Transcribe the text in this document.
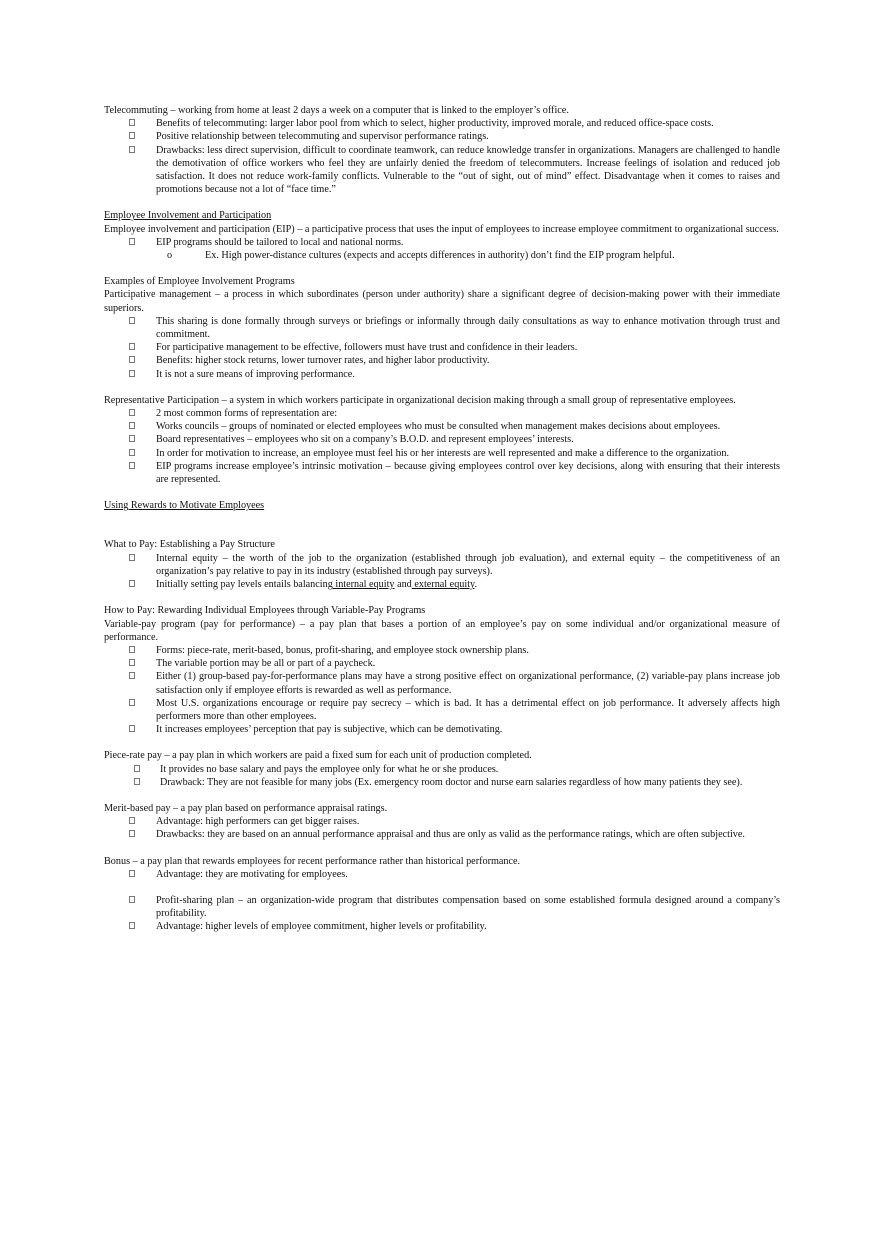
Telecommuting – working from home at least 2 days a week on a computer that is linked to the employer’s office.

Benefits of telecommuting: larger labor pool from which to select, higher productivity, improved morale, and reduced office-space costs.
Positive relationship between telecommuting and supervisor performance ratings.
Drawbacks: less direct supervision, difficult to coordinate teamwork, can reduce knowledge transfer in organizations. Managers are challenged to handle the demotivation of office workers who feel they are unfairly denied the freedom of telecommuters. Increase feelings of isolation and reduced job satisfaction. It does not reduce work-family conflicts. Vulnerable to the “out of sight, out of mind” effect. Disadvantage when it comes to raises and promotions because not a lot of “face time.”

Employee Involvement and Participation

Employee involvement and participation (EIP) – a participative process that uses the input of employees to increase employee commitment to organizational success.

EIP programs should be tailored to local and national norms.
o	Ex. High power-distance cultures (expects and accepts differences in authority) don’t find the EIP program helpful.

Examples of Employee Involvement Programs

Participative management – a process in which subordinates (person under authority) share a significant degree of decision-making power with their immediate superiors.

This sharing is done formally through surveys or briefings or informally through daily consultations as way to enhance motivation through trust and commitment.
For participative management to be effective, followers must have trust and confidence in their leaders.
Benefits: higher stock returns, lower turnover rates, and higher labor productivity.
It is not a sure means of improving performance.

Representative Participation – a system in which workers participate in organizational decision making through a small group of representative employees.

2 most common forms of representation are:
Works councils – groups of nominated or elected employees who must be consulted when management makes decisions about employees.
Board representatives – employees who sit on a company’s B.O.D. and represent employees’ interests.
In order for motivation to increase, an employee must feel his or her interests are well represented and make a difference to the organization.
EIP programs increase employee’s intrinsic motivation – because giving employees control over key decisions, along with ensuring that their interests are represented.

Using Rewards to Motivate Employees

What to Pay: Establishing a Pay Structure

Internal equity – the worth of the job to the organization (established through job evaluation), and external equity – the competitiveness of an organization’s pay relative to pay in its industry (established through pay surveys).
Initially setting pay levels entails balancing internal equity and external equity.

How to Pay: Rewarding Individual Employees through Variable-Pay Programs

Variable-pay program (pay for performance) – a pay plan that bases a portion of an employee’s pay on some individual and/or organizational measure of performance.

Forms: piece-rate, merit-based, bonus, profit-sharing, and employee stock ownership plans.
The variable portion may be all or part of a paycheck.
Either (1) group-based pay-for-performance plans may have a strong positive effect on organizational performance, (2) variable-pay plans increase job satisfaction only if employee efforts is rewarded as well as performance.
Most U.S. organizations encourage or require pay secrecy – which is bad. It has a detrimental effect on job performance. It adversely affects high performers more than other employees.
It increases employees’ perception that pay is subjective, which can be demotivating.

Piece-rate pay – a pay plan in which workers are paid a fixed sum for each unit of production completed.

It provides no base salary and pays the employee only for what he or she produces.
Drawback: They are not feasible for many jobs (Ex. emergency room doctor and nurse earn salaries regardless of how many patients they see).

Merit-based pay – a pay plan based on performance appraisal ratings.

Advantage: high performers can get bigger raises.
Drawbacks: they are based on an annual performance appraisal and thus are only as valid as the performance ratings, which are often subjective.

Bonus – a pay plan that rewards employees for recent performance rather than historical performance.

Advantage: they are motivating for employees.
Profit-sharing plan – an organization-wide program that distributes compensation based on some established formula designed around a company’s profitability.
Advantage: higher levels of employee commitment, higher levels or profitability.
